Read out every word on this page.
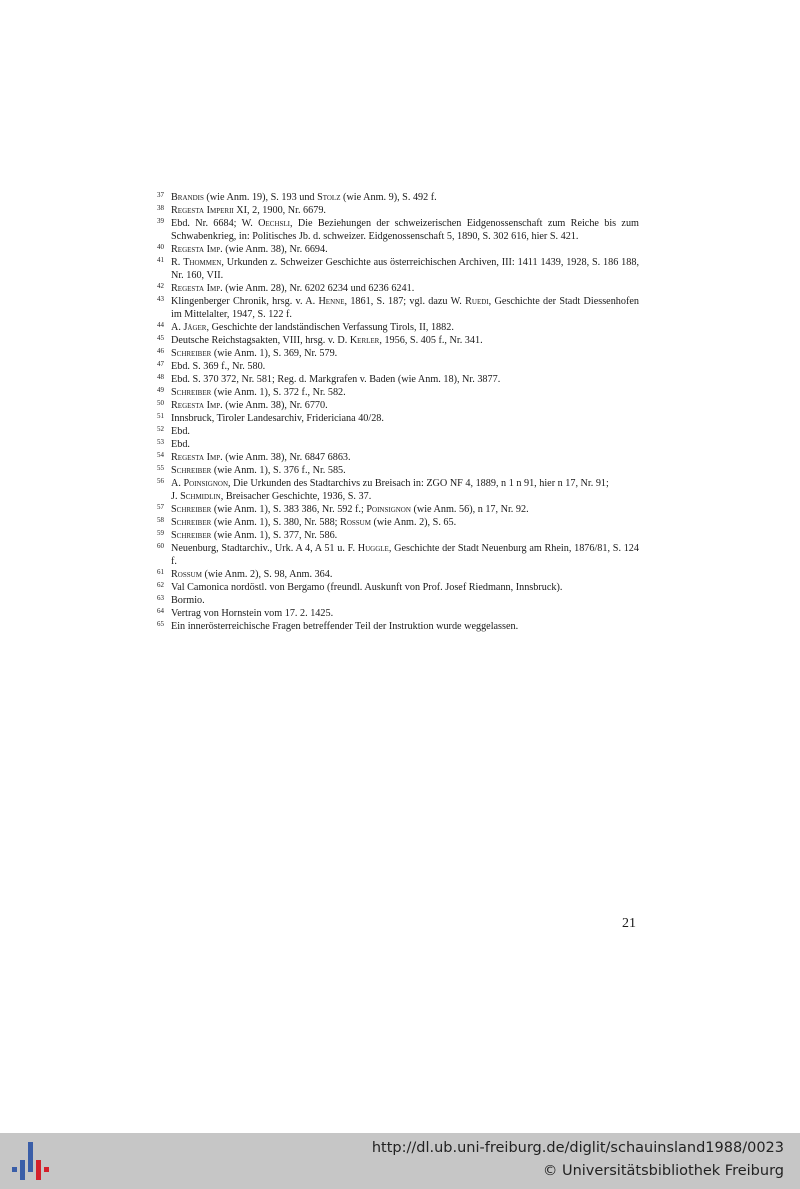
37 Brandis (wie Anm. 19), S. 193 und Stolz (wie Anm. 9), S. 492 f.
38 Regesta Imperii XI, 2, 1900, Nr. 6679.
39 Ebd. Nr. 6684; W. Oechsli, Die Beziehungen der schweizerischen Eidgenossenschaft zum Reiche bis zum Schwabenkrieg, in: Politisches Jb. d. schweizer. Eidgenossenschaft 5, 1890, S. 302 616, hier S. 421.
40 Regesta Imp. (wie Anm. 38), Nr. 6694.
41 R. Thommen, Urkunden z. Schweizer Geschichte aus österreichischen Archiven, III: 1411 1439, 1928, S. 186 188, Nr. 160, VII.
42 Regesta Imp. (wie Anm. 28), Nr. 6202 6234 und 6236 6241.
43 Klingenberger Chronik, hrsg. v. A. Henne, 1861, S. 187; vgl. dazu W. Ruedi, Geschichte der Stadt Diessenhofen im Mittelalter, 1947, S. 122 f.
44 A. Jäger, Geschichte der landständischen Verfassung Tirols, II, 1882.
45 Deutsche Reichstagsakten, VIII, hrsg. v. D. Kerler, 1956, S. 405 f., Nr. 341.
46 Schreiber (wie Anm. 1), S. 369, Nr. 579.
47 Ebd. S. 369 f., Nr. 580.
48 Ebd. S. 370 372, Nr. 581; Reg. d. Markgrafen v. Baden (wie Anm. 18), Nr. 3877.
49 Schreiber (wie Anm. 1), S. 372 f., Nr. 582.
50 Regesta Imp. (wie Anm. 38), Nr. 6770.
51 Innsbruck, Tiroler Landesarchiv, Fridericiana 40/28.
52 Ebd.
53 Ebd.
54 Regesta Imp. (wie Anm. 38), Nr. 6847 6863.
55 Schreiber (wie Anm. 1), S. 376 f., Nr. 585.
56 A. Poinsignon, Die Urkunden des Stadtarchivs zu Breisach in: ZGO NF 4, 1889, n 1 n 91, hier n 17, Nr. 91;
J. Schmidlin, Breisacher Geschichte, 1936, S. 37.
57 Schreiber (wie Anm. 1), S. 383 386, Nr. 592 f.; Poinsignon (wie Anm. 56), n 17, Nr. 92.
58 Schreiber (wie Anm. 1), S. 380, Nr. 588; Rossum (wie Anm. 2), S. 65.
59 Schreiber (wie Anm. 1), S. 377, Nr. 586.
60 Neuenburg, Stadtarchiv., Urk. A 4, A 51 u. F. Huggle, Geschichte der Stadt Neuenburg am Rhein, 1876/81, S. 124 f.
61 Rossum (wie Anm. 2), S. 98, Anm. 364.
62 Val Camonica nordöstl. von Bergamo (freundl. Auskunft von Prof. Josef Riedmann, Innsbruck).
63 Bormio.
64 Vertrag von Hornstein vom 17. 2. 1425.
65 Ein innerösterreichische Fragen betreffender Teil der Instruktion wurde weggelassen.
21
http://dl.ub.uni-freiburg.de/diglit/schauinsland1988/0023
© Universitätsbibliothek Freiburg
